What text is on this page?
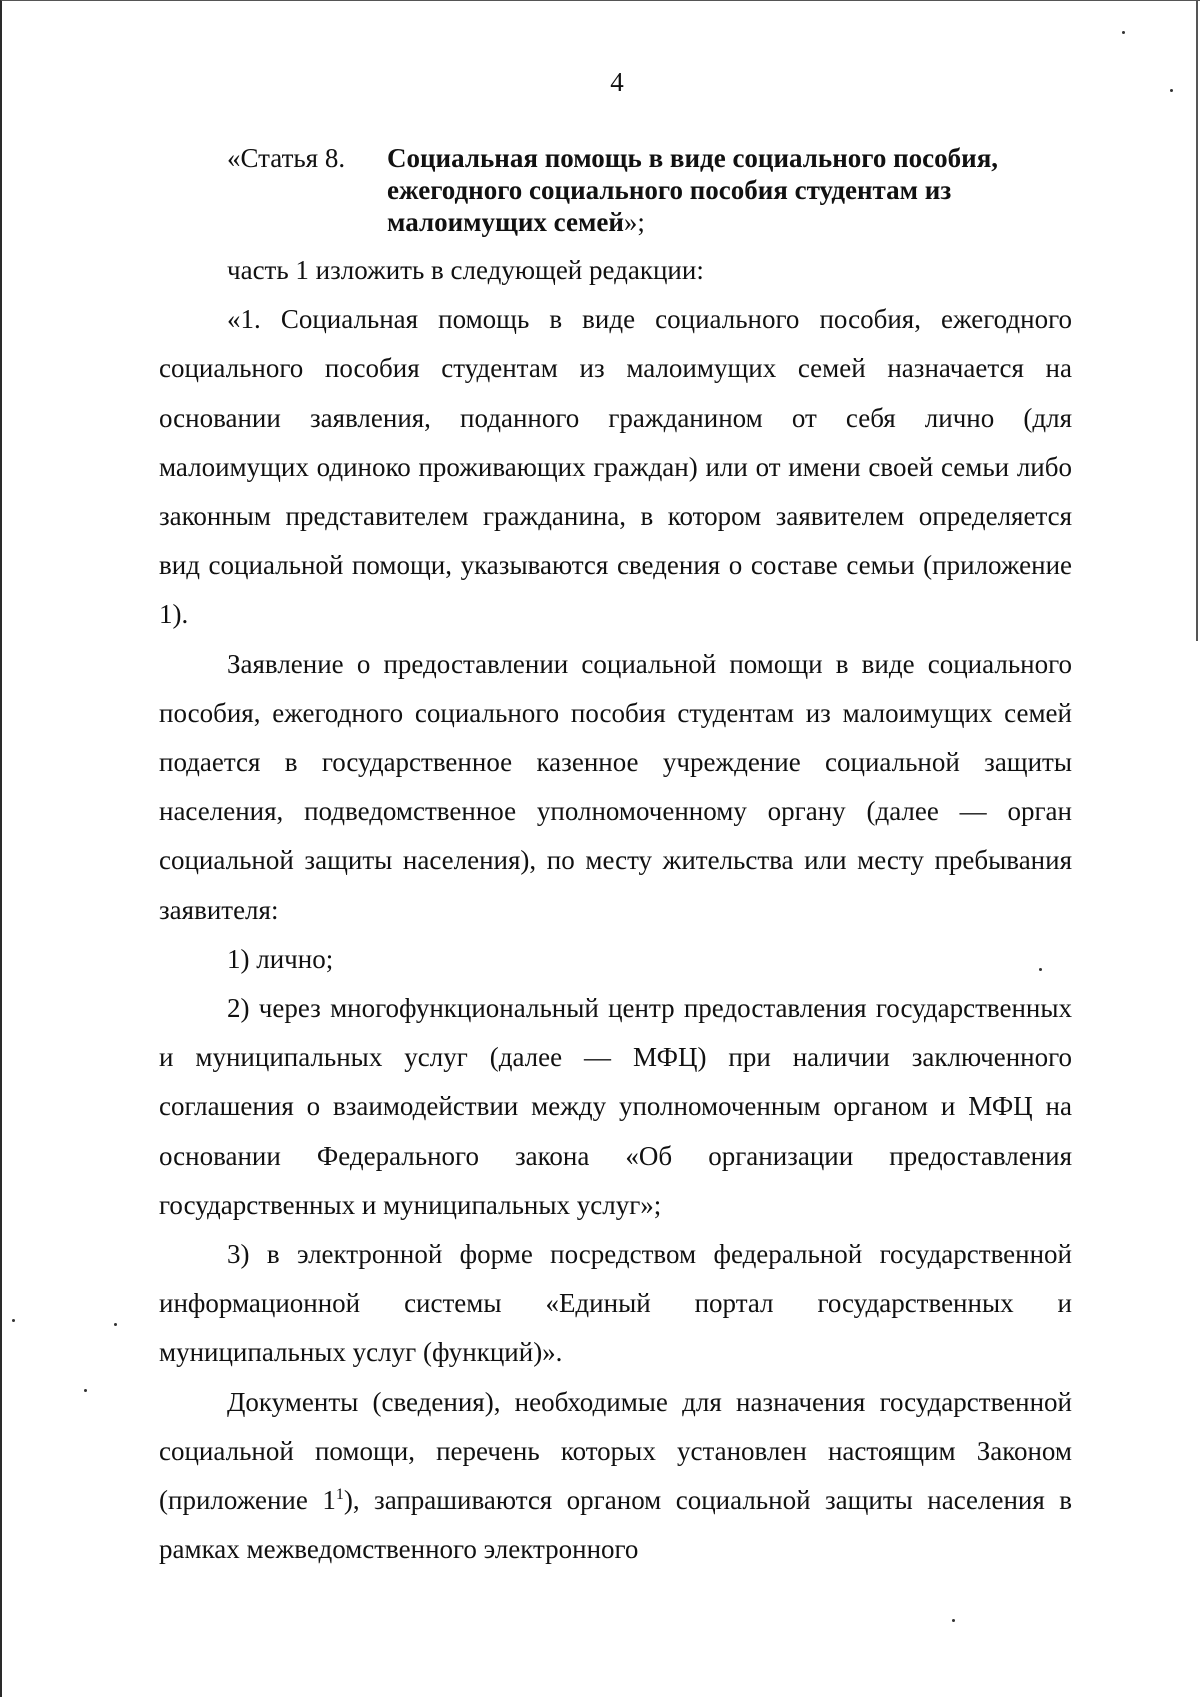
4
«Статья 8. Социальная помощь в виде социального пособия, ежегодного социального пособия студентам из малоимущих семей»;

часть 1 изложить в следующей редакции:

«1. Социальная помощь в виде социального пособия, ежегодного социального пособия студентам из малоимущих семей назначается на основании заявления, поданного гражданином от себя лично (для малоимущих одиноко проживающих граждан) или от имени своей семьи либо законным представителем гражданина, в котором заявителем определяется вид социальной помощи, указываются сведения о составе семьи (приложение 1).

Заявление о предоставлении социальной помощи в виде социального пособия, ежегодного социального пособия студентам из малоимущих семей подается в государственное казенное учреждение социальной защиты населения, подведомственное уполномоченному органу (далее — орган социальной защиты населения), по месту жительства или месту пребывания заявителя:

1) лично;

2) через многофункциональный центр предоставления государственных и муниципальных услуг (далее — МФЦ) при наличии заключенного соглашения о взаимодействии между уполномоченным органом и МФЦ на основании Федерального закона «Об организации предоставления государственных и муниципальных услуг»;

3) в электронной форме посредством федеральной государственной информационной системы «Единый портал государственных и муниципальных услуг (функций)».

Документы (сведения), необходимые для назначения государственной социальной помощи, перечень которых установлен настоящим Законом (приложение $1^1$), запрашиваются органом социальной защиты населения в рамках межведомственного электронного
